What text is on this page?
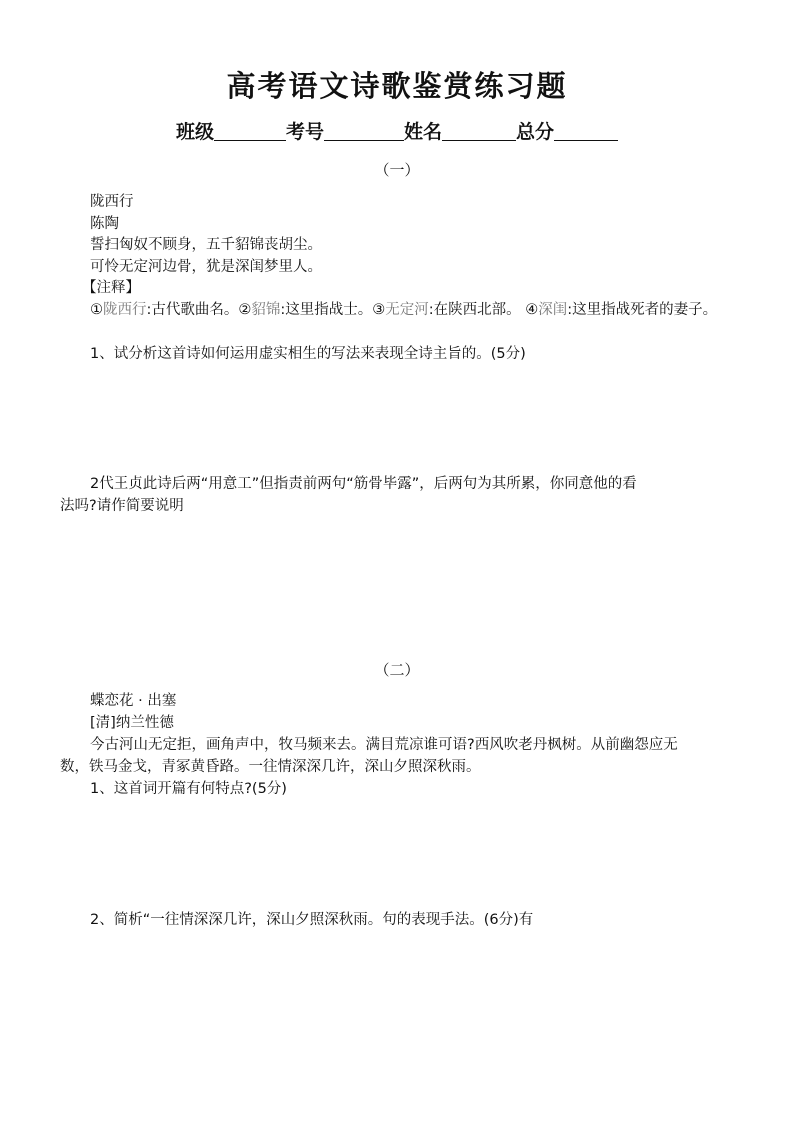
高考语文诗歌鉴赏练习题
班级	考号	姓名	总分
（一）
陇西行
陈陶
誓扫匈奴不顾身，五千貂锦丧胡尘。
可怜无定河边骨，犹是深闺梦里人。
【注释】
①陇西行:古代歌曲名。②貂锦:这里指战士。③无定河:在陕西北部。 ④深闺:这里指战死者的妻子。
1、试分析这首诗如何运用虚实相生的写法来表现全诗主旨的。(5分)
2代王贞此诗后两“用意工”但指责前两句“筋骨毕露”，后两句为其所累，你同意他的看
法吗?请作简要说明
（二）
蝶恋花 · 出塞
[清]纳兰性德
今古河山无定拒，画角声中，牧马频来去。满目荒凉谁可语?西风吹老丹枫树。从前幽怨应无
数，铁马金戈，青冢黄昏路。一往情深深几许，深山夕照深秋雨。
1、这首词开篇有何特点?(5分)
2、简析“一往情深深几许，深山夕照深秋雨。句的表现手法。(6分)有
